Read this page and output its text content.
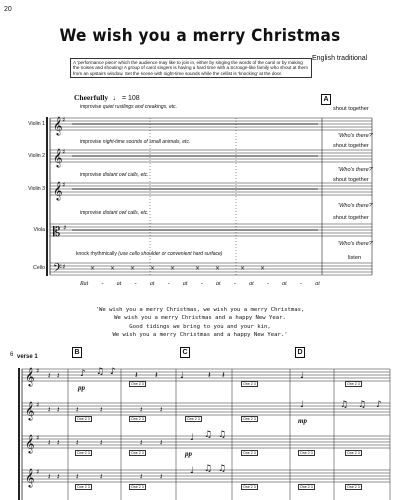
20
We wish you a merry Christmas
English traditional
A 'performance piece' which the audience may like to join in, either by singing the words of the carol or by making the noises and shouting! A group of carol singers is having a hard time with a Scrooge-like family who shout at them from an upstairs window. Set the scene with night-time sounds while the cellist is 'knocking' at the door.
Cheerfully ♩ = 108	A
Violin 1
Violin 2
Violin 3
Viola
Cello
𝄞
𝄞
𝄞
𝄡
𝄢
♯
♯
♯
♯
♯	× × × × ×	× ×	× ×
improvise quiet rustlings and creakings, etc.
improvise night-time sounds of small animals, etc.
improvise distant owl calls, etc.
improvise distant owl calls, etc.
knock rhythmically (use cello shoulder or convenient hard surface)
shout together
'Who's there?'
shout together
'Who's there?'
shout together
'Who's there?'
shout together
'Who's there?'
listen
Rat - at - at - at - at - at - at - at
'We wish you a merry Christmas, we wish you a merry Christmas,
We wish you a merry Christmas and a happy New Year.
Good tidings we bring to you and your kin,
We wish you a merry Christmas and a happy New Year.'
6 verse 1
B	C	D
𝄞
𝄞
𝄞
𝄞
♯
♯
♯
♯
𝄽 𝄽
𝄽 𝄽 𝄽	𝄽	𝄽 𝄽
𝄽 𝄽 𝄽	𝄽	𝄽 𝄽
𝄽 𝄽 𝄽	𝄽	𝄽 𝄽
♪ ♫ ♪ 𝄽 𝄽 ♩	𝄽 𝄽	♩
♩ ♫ ♫
♩ ♫ ♫
♩	♫ ♫ ♪
pp
pp
mp
One 2 3	One 2 3	One 2 3
One 2 3	One 2 3	One 2 3	One 2 3
One 2 3	One 2 3	One 2 3	One 2 3	One 2 3
One 2 3	One 2 3	One 2 3	One 2 3	One 2 3
